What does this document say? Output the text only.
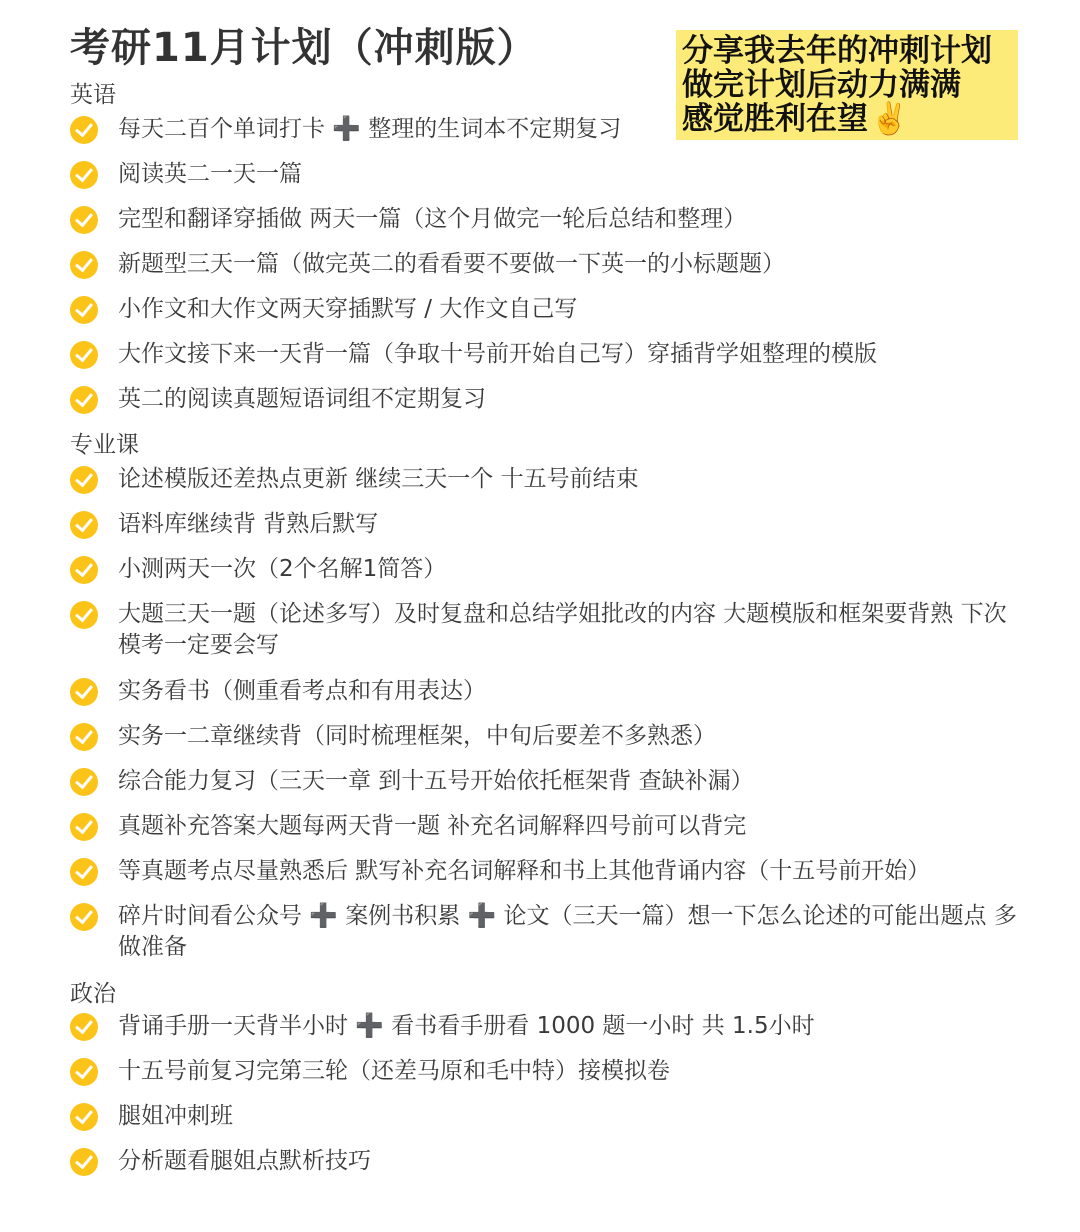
考研11月计划（冲刺版）	分享我去年的冲刺计划
做完计划后动力满满
感觉胜利在望✌️
英语
每天二百个单词打卡 ➕ 整理的生词本不定期复习
阅读英二一天一篇
完型和翻译穿插做 两天一篇（这个月做完一轮后总结和整理）
新题型三天一篇（做完英二的看看要不要做一下英一的小标题题）
小作文和大作文两天穿插默写 / 大作文自己写
大作文接下来一天背一篇（争取十号前开始自己写）穿插背学姐整理的模版
英二的阅读真题短语词组不定期复习
专业课
论述模版还差热点更新 继续三天一个 十五号前结束
语料库继续背 背熟后默写
小测两天一次（2个名解1简答）
大题三天一题（论述多写）及时复盘和总结学姐批改的内容 大题模版和框架要背熟 下次模考一定要会写
实务看书（侧重看考点和有用表达）
实务一二章继续背（同时梳理框架，中旬后要差不多熟悉）
综合能力复习（三天一章 到十五号开始依托框架背 查缺补漏）
真题补充答案大题每两天背一题 补充名词解释四号前可以背完
等真题考点尽量熟悉后 默写补充名词解释和书上其他背诵内容（十五号前开始）
碎片时间看公众号 ➕ 案例书积累 ➕ 论文（三天一篇）想一下怎么论述的可能出题点 多做准备
政治
背诵手册一天背半小时 ➕ 看书看手册看 1000 题一小时 共 1.5小时
十五号前复习完第三轮（还差马原和毛中特）接模拟卷
腿姐冲刺班
分析题看腿姐点默析技巧
